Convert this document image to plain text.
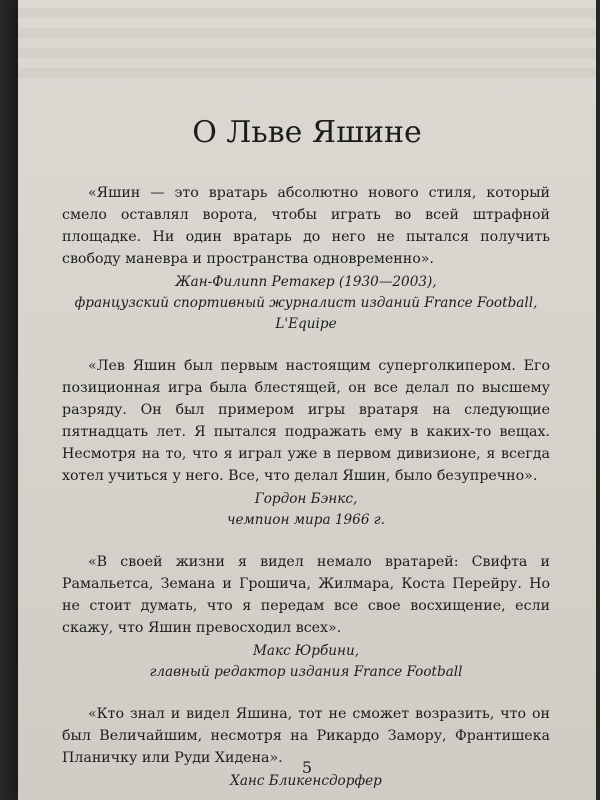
О Льве Яшине

«Яшин — это вратарь абсолютно нового стиля, который смело оставлял ворота, чтобы играть во всей штрафной площадке. Ни один вратарь до него не пытался получить свободу маневра и пространства одновременно».

Жан-Филипп Ретакер (1930—2003),
французский спортивный журналист изданий France Football, L'Equipe

«Лев Яшин был первым настоящим суперголкипером. Его позиционная игра была блестящей, он все делал по высшему разряду. Он был примером игры вратаря на следующие пятнадцать лет. Я пытался подражать ему в каких-то вещах. Несмотря на то, что я играл уже в первом дивизионе, я всегда хотел учиться у него. Все, что делал Яшин, было безупречно».

Гордон Бэнкс,
чемпион мира 1966 г.

«В своей жизни я видел немало вратарей: Свифта и Рамальетса, Земана и Грошича, Жилмара, Коста Перейру. Но не стоит думать, что я передам все свое восхищение, если скажу, что Яшин превосходил всех».

Макс Юрбини,
главный редактор издания France Football

«Кто знал и видел Яшина, тот не сможет возразить, что он был Величайшим, несмотря на Рикардо Замору, Франтишека Планичку или Руди Хидена».

Ханс Бликенсдорфер

5
